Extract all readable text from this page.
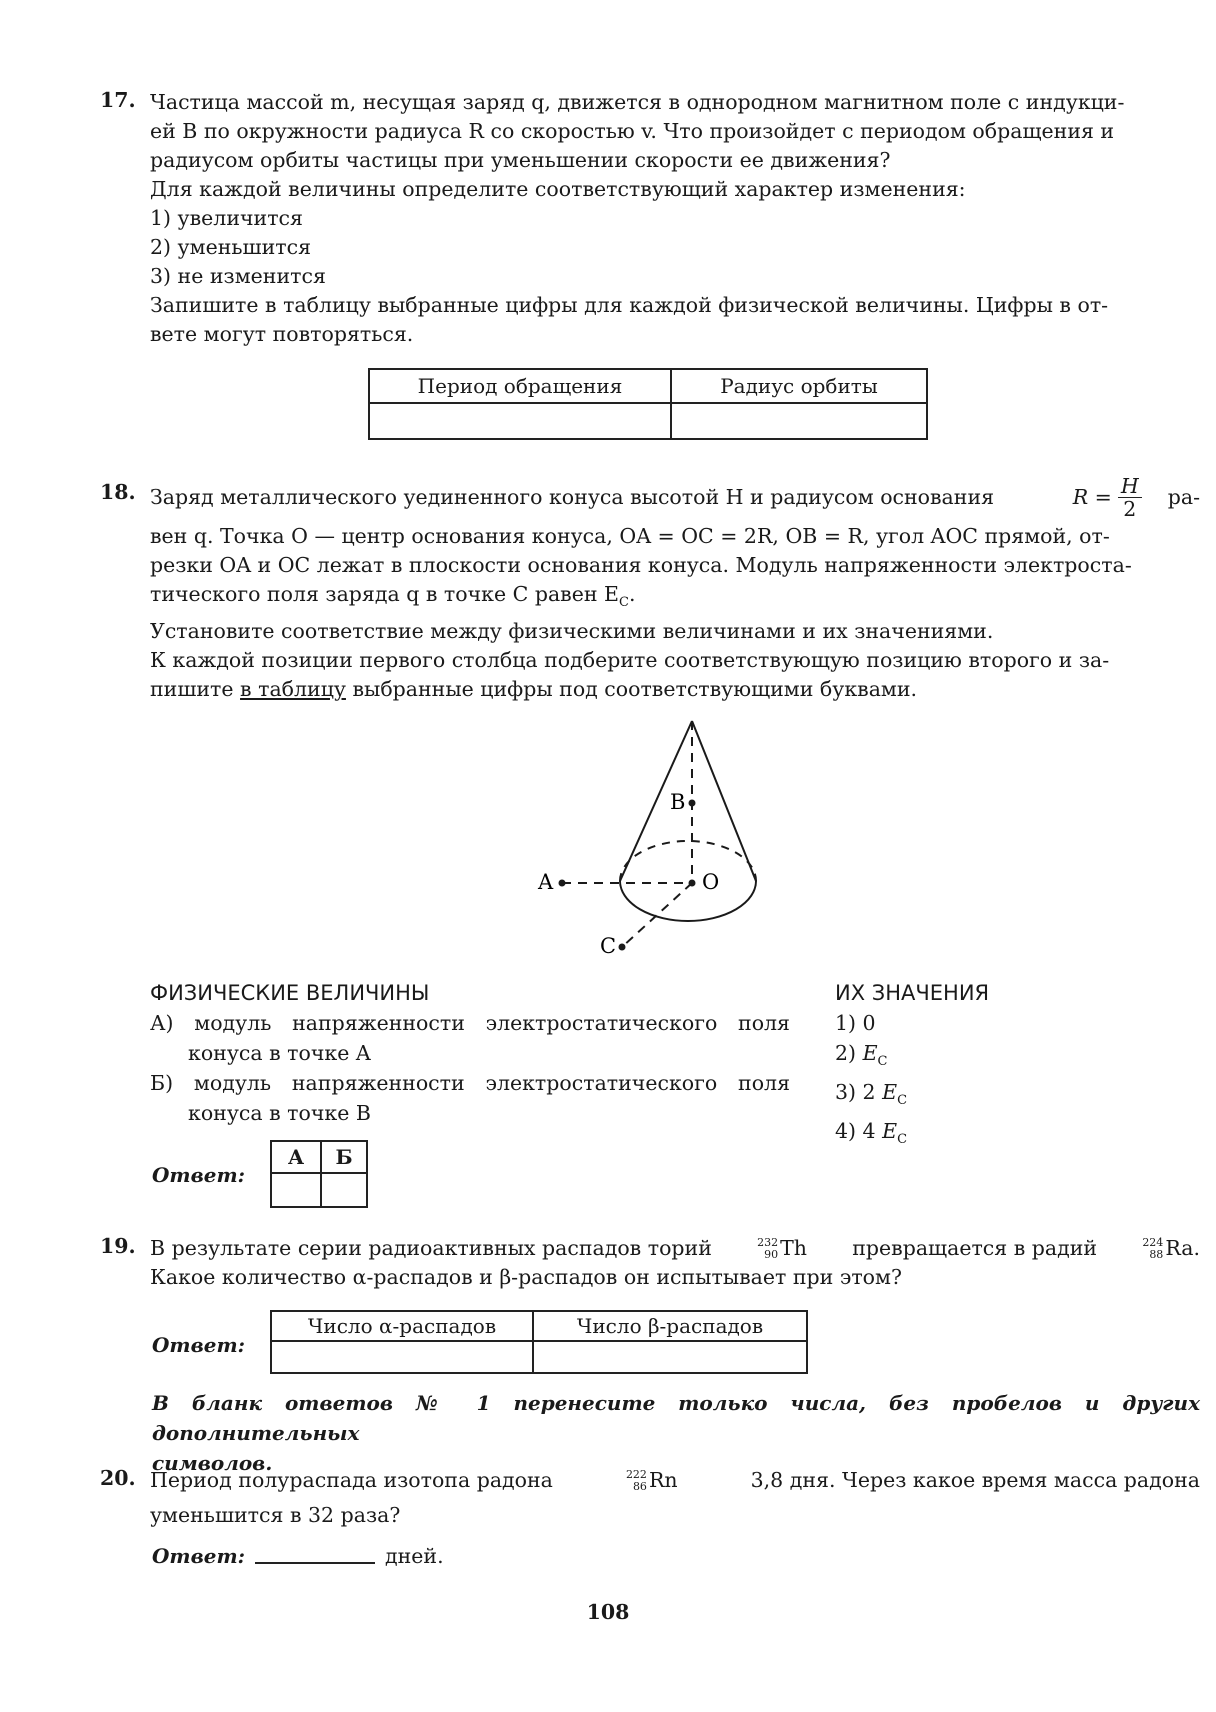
17. Частица массой m, несущая заряд q, движется в однородном магнитном поле с индукци-

ей B по окружности радиуса R со скоростью v. Что произойдет с периодом обращения и

радиусом орбиты частицы при уменьшении скорости ее движения?

Для каждой величины определите соответствующий характер изменения:

1) увеличится

2) уменьшится

3) не изменится

Запишите в таблицу выбранные цифры для каждой физической величины. Цифры в от-

вете могут повторяться.

Период обращения	Радиус орбиты

18. Заряд металлического уединенного конуса высотой H и радиусом основания	$R = \frac{H}{2} ра-$

вен q. Точка O — центр основания конуса, OA = OC = 2R, OB = R, угол AOC прямой, от-

резки OA и OC лежат в плоскости основания конуса. Модуль напряженности электроста-

тического поля заряда q в точке C равен $E_C$.

Установите соответствие между физическими величинами и их значениями.

К каждой позиции первого столбца подберите соответствующую позицию второго и за-

пишите в таблицу выбранные цифры под соответствующими буквами.

B
O
A
C
ФИЗИЧЕСКИЕ ВЕЛИЧИНЫ
А) модуль напряженности электростатического поля
конуса в точке A
Б) модуль напряженности электростатического поля
конуса в точке B
ИХ ЗНАЧЕНИЯ
1) 0
2) $E_C$
3) 2 $E_C$
4) 4 $E_C$
Ответ:
А	Б

19. В результате серии радиоактивных распадов торий	232
90 Th превращается в радий	224
88 Ra .

Какое количество α-распадов и β-распадов он испытывает при этом?

Ответ:
Число α-распадов	Число β-распадов

В бланк ответов № 1 перенесите только числа, без пробелов и других дополнительных
символов.
20. Период полураспада изотопа радона	222
86 Rn	3,8 дня. Через какое время масса радона

уменьшится в 32 раза?

Ответ:	дней.
108
